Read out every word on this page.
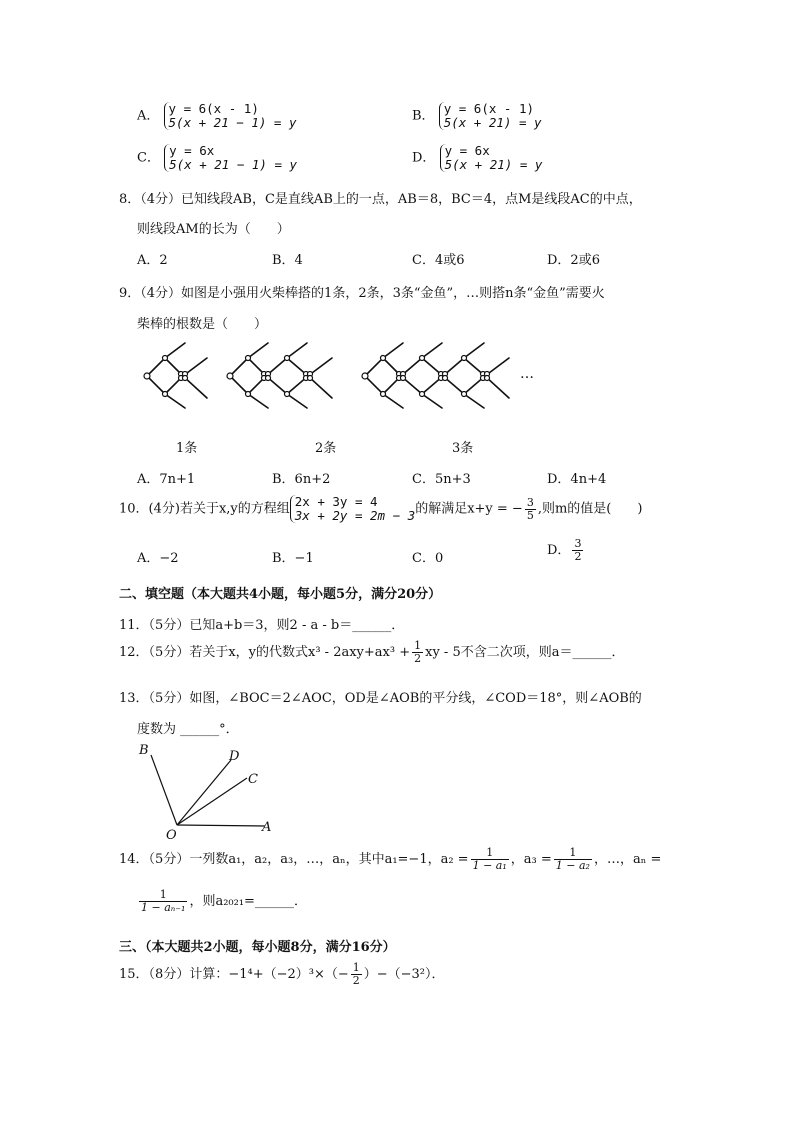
A． y = 6(x - 1)
5(x + 21 − 1) = y	B． y = 6(x - 1)
5(x + 21) = y
C． y = 6x
5(x + 21 − 1) = y	D． y = 6x
5(x + 21) = y
8．（4分）已知线段AB，C是直线AB上的一点，AB＝8，BC＝4，点M是线段AC的中点，
则线段AM的长为（　　）
A．2	B．4	C．4或6	D．2或6
9．（4分）如图是小强用火柴棒搭的1条，2条，3条“金鱼”，…则搭n条“金鱼”需要火
柴棒的根数是（　　）
…
1条	2条	3条
A．7n+1	B．6n+2	C．5n+3	D．4n+4
10．(4分)若关于x,y的方程组 2x + 3y = 4
3x + 2y = 2m − 3的解满足x+y = − $\frac{3}{5}$ ,则m的值是(　　)
A．−2	B．−1	C．0
D． $\frac{3}{2}$
二、填空题（本大题共4小题，每小题5分，满分20分）
11．（5分）已知a+b＝3，则2 - a - b＝______．
12．（5分）若关于x，y的代数式$x^3 - 2axy+ax^3 + \frac{1}{2}$ xy - 5不含二次项，则a＝______．
13．（5分）如图，∠BOC＝2∠AOC，OD是∠AOB的平分线，∠COD＝18°，则∠AOB的
度数为 ______°．
B	D
C
O
A
14．（5分）一列数a₁，a₂，a₃，…，aₙ，其中a₁=−1，$a_2 = \frac{1}{\text{1 − a₁}}$ ，$a_3 = \frac{1}{\text{1 − a₂}}$ ，…，aₙ =
$\frac{1}{\text{1 − aₙ₋₁}}$ ，则a₂₀₂₁=______．
三、（本大题共2小题，每小题8分，满分16分）
15．（8分）计算：$-1^4+(-2)^3\times(- \frac{1}{2} )-(-3^2)$．
